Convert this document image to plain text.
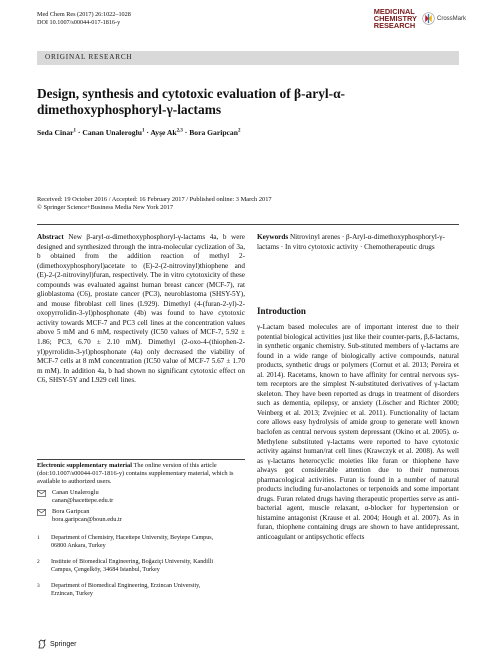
Med Chem Res (2017) 26:1022–1028
DOI 10.1007/s00044-017-1816-y
MEDICINAL
CHEMISTRY
RESEARCH
CrossMark
ORIGINAL RESEARCH
Design, synthesis and cytotoxic evaluation of β-aryl-α-
dimethoxyphosphoryl-γ-lactams
Seda Cinar$^1$ · Canan Unaleroglu$^1$ · Ayşe Ak$^{2,3}$ · Bora Garipcan$^2$
Received: 19 October 2016 / Accepted: 16 February 2017 / Published online: 3 March 2017
© Springer Science+Business Media New York 2017
Abstract New β-aryl-α-dimethoxyphosphoryl-γ-lactams 4a, b were designed and synthesized through the intra-molecular cyclization of 3a, b obtained from the addition reaction of methyl 2-(dimethoxyphosphoryl)acetate to (E)-2-(2-nitrovinyl)thiophene and (E)-2-(2-nitrovinyl)furan, respectively. The in vitro cytotoxicity of these compounds was evaluated against human breast cancer (MCF-7), rat glioblastoma (C6), prostate cancer (PC3), neuroblastoma (SHSY-5Y), and mouse fibroblast cell lines (L929). Dimethyl (4-(furan-2-yl)-2-oxopyrrolidin-3-yl)phosphonate (4b) was found to have cytotoxic activity towards MCF-7 and PC3 cell lines at the concentration values above 5 mM and 6 mM, respectively (IC50 values of MCF-7, 5.92 ± 1.86; PC3, 6.70 ± 2.10 mM). Dimethyl (2-oxo-4-(thiophen-2-yl)pyrrolidin-3-yl)phosphonate (4a) only decreased the viability of MCF-7 cells at 8 mM concentration (IC50 value of MCF-7 5.67 ± 1.70 m mM). In addition 4a, b had shown no significant cytotoxic effect on C6, SHSY-5Y and L929 cell lines.
Keywords Nitrovinyl arenes · β-Aryl-α-dimethoxyphosphoryl-γ-lactams · In vitro cytotoxic activity · Chemotherapeutic drugs
Introduction
γ-Lactam based molecules are of important interest due to their potential biological activities just like their counter-parts, β,δ-lactams, in synthetic organic chemistry. Sub-stituted members of γ-lactams are found in a wide range of biologically active compounds, natural products, synthetic drugs or polymers (Cornut et al. 2013; Pereira et al. 2014). Racetams, known to have affinity for central nervous sys-tem receptors are the simplest N-substituted derivatives of γ-lactam skeleton. They have been reported as drugs in treatment of disorders such as dementia, epilepsy, or anxiety (Löscher and Richter 2000; Veinberg et al. 2013; Zvejniec et al. 2011). Functionality of lactam core allows easy hydrolysis of amide group to generate well known baclofen as central nervous system depressant (Okino et al. 2005). α-Methylene substituted γ-lactams were reported to have cytotoxic activity against human/rat cell lines (Krawczyk et al. 2008). As well as γ-lactams heterocyclic moieties like furan or thiophene have always got considerable attention due to their numerous pharmacological activities. Furan is found in a number of natural products including fur-anolactones or terpenoids and some important drugs. Furan related drugs having therapeutic properties serve as anti-bacterial agent, muscle relaxant, α-blocker for hypertension or histamine antagonist (Krause et al. 2004; Hough et al. 2007). As in furan, thiophene containing drugs are shown to have antidepressant, anticoagulant or antipsychotic effects
Electronic supplementary material The online version of this article (doi:10.1007/s00044-017-1816-y) contains supplementary material, which is available to authorized users.
Canan Unaleroglu
canan@hacettepe.edu.tr
Bora Garipcan
bora.garipcan@boun.edu.tr
1 Department of Chemistry, Hacettepe University, Beytepe Campus,
06800 Ankara, Turkey
2 Institute of Biomedical Engineering, Boğaziçi University, Kandilli
Campus, Çengelköy, 34684 Istanbul, Turkey
3 Department of Biomedical Engineering, Erzincan University,
Erzincan, Turkey
Springer
